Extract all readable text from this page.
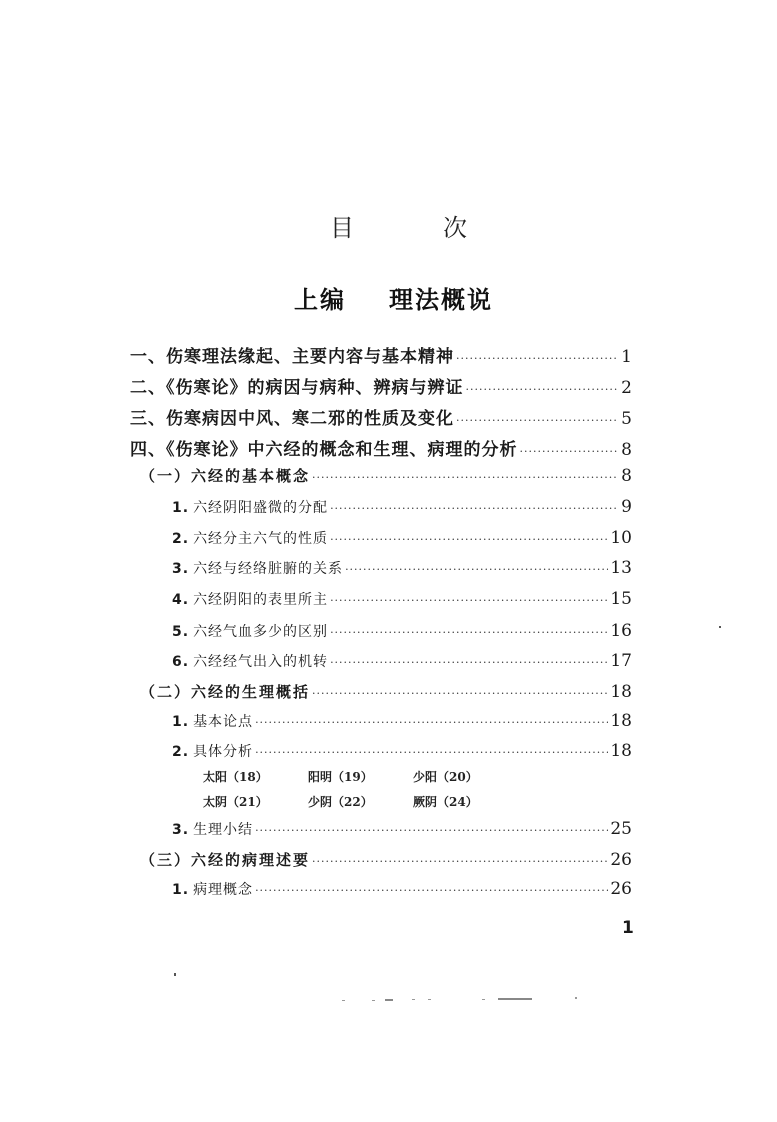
目	次
上编 理法概说
一、伤寒理法缘起、主要内容与基本精神 ·····	1
二、《伤寒论》的病因与病种、辨病与辨证 ·····	2
三、伤寒病因中风、寒二邪的性质及变化 ·····	5
四、《伤寒论》中六经的概念和生理、病理的分析 ·····	8
（一）六经的基本概念 ·····	8
1. 六经阴阳盛微的分配 ·····	9
2. 六经分主六气的性质 ·····	10
3. 六经与经络脏腑的关系 ·····	13
4. 六经阴阳的表里所主 ·····	15
5. 六经气血多少的区别 ·····	16
6. 六经经气出入的机转 ·····	17
（二）六经的生理概括 ·····	18
1. 基本论点 ·····	18
2. 具体分析 ·····	18
太阳（18）	阳明（19）	少阳（20）
太阴（21）	少阴（22）	厥阴（24）
3. 生理小结 ·····	25
（三）六经的病理述要 ·····	26
1. 病理概念 ·····	26
1
